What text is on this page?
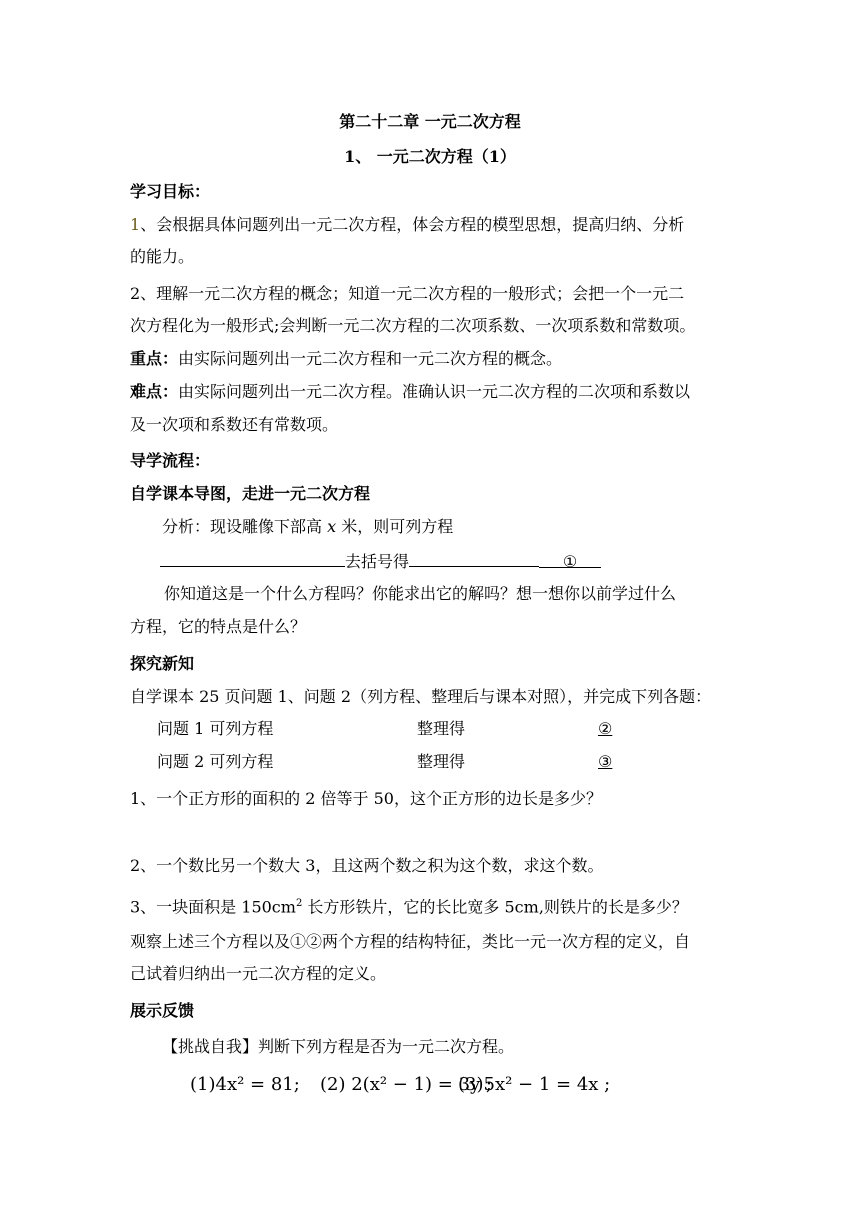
第二十二章 一元二次方程
1、 一元二次方程（1）
学习目标：
1、会根据具体问题列出一元二次方程，体会方程的模型思想，提高归纳、分析
的能力。
2、理解一元二次方程的概念；知道一元二次方程的一般形式；会把一个一元二
次方程化为一般形式;会判断一元二次方程的二次项系数、一次项系数和常数项。
重点：由实际问题列出一元二次方程和一元二次方程的概念。
难点：由实际问题列出一元二次方程。准确认识一元二次方程的二次项和系数以
及一次项和系数还有常数项。
导学流程：
自学课本导图，走进一元二次方程
分析：现设雕像下部高 x 米，则可列方程
去括号得	①
你知道这是一个什么方程吗？你能求出它的解吗？想一想你以前学过什么
方程，它的特点是什么？
探究新知
自学课本 25 页问题 1、问题 2（列方程、整理后与课本对照），并完成下列各题：
问题 1 可列方程	整理得	②
问题 2 可列方程	整理得	③
1、一个正方形的面积的 2 倍等于 50，这个正方形的边长是多少？
2、一个数比另一个数大 3，且这两个数之积为这个数，求这个数。
3、一块面积是 $150cm^2$ 长方形铁片，它的长比宽多 5cm,则铁片的长是多少？
观察上述三个方程以及①②两个方程的结构特征，类比一元一次方程的定义，自
己试着归纳出一元二次方程的定义。
展示反馈
【挑战自我】判断下列方程是否为一元二次方程。
(1)4x² = 81; (2) 2(x² − 1) = 3y ;
(3)5x² − 1 = 4x ;
